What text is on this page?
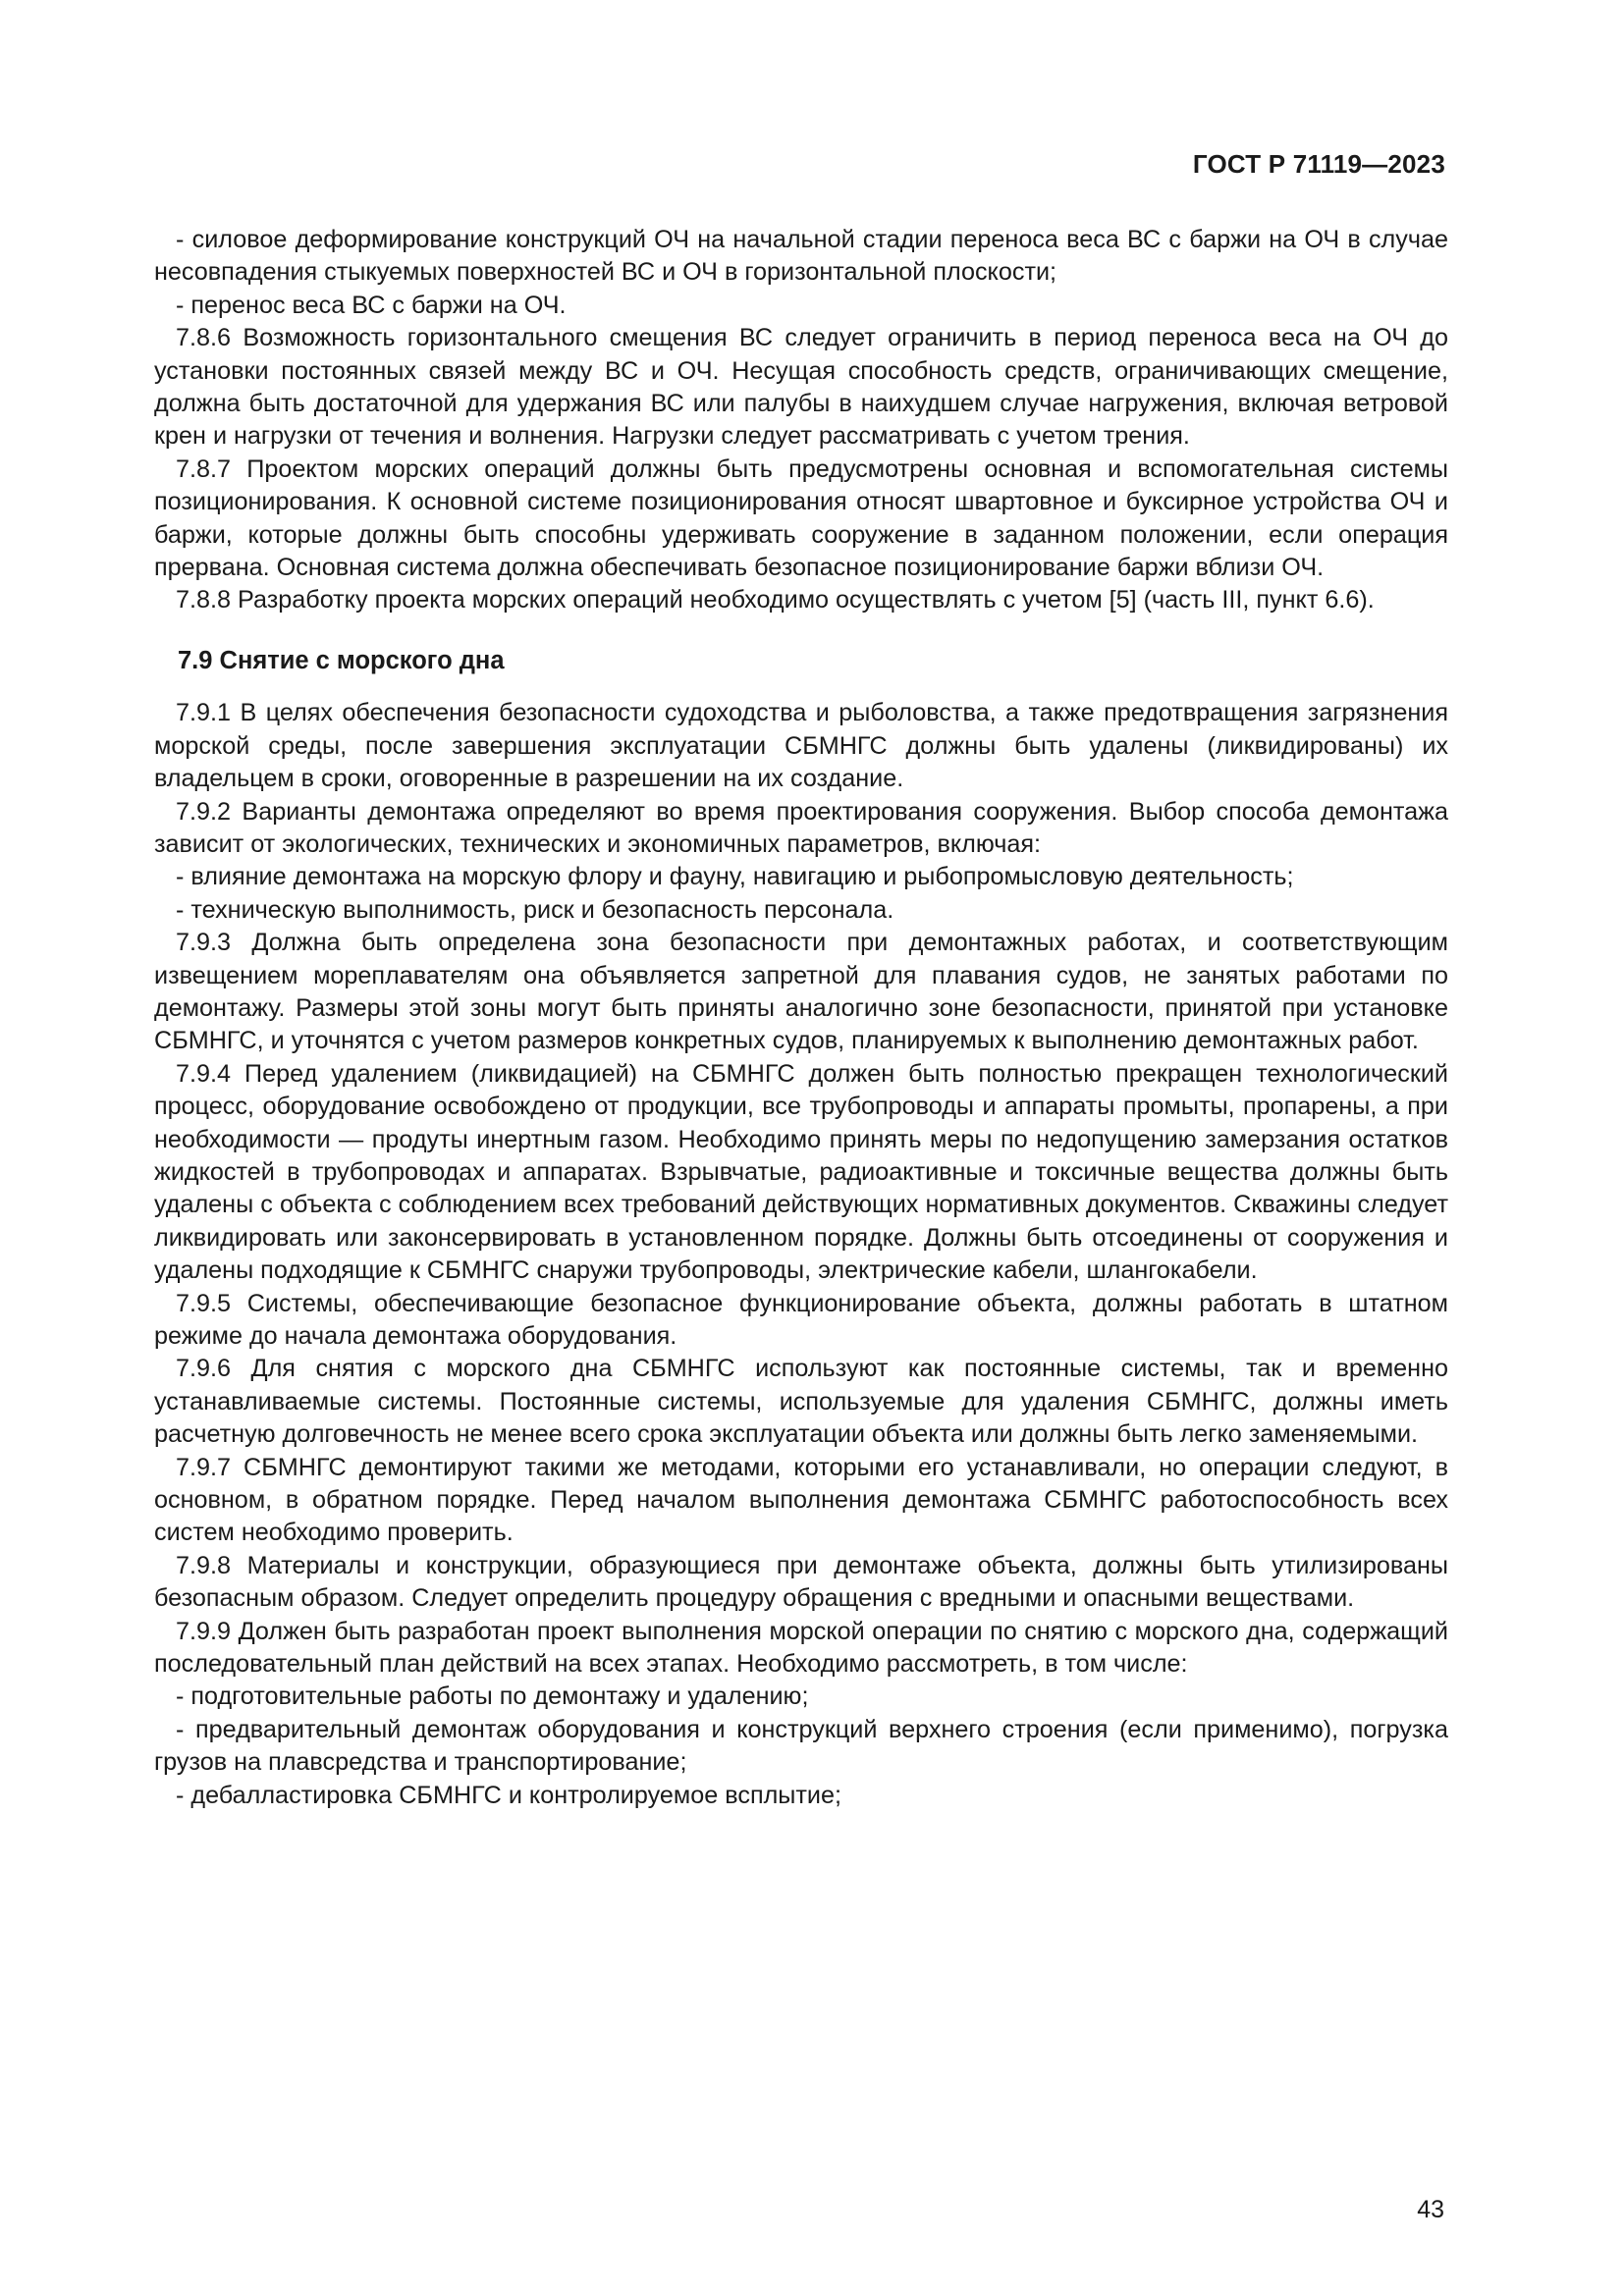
ГОСТ Р 71119—2023

- силовое деформирование конструкций ОЧ на начальной стадии переноса веса ВС с баржи на ОЧ в случае несовпадения стыкуемых поверхностей ВС и ОЧ в горизонтальной плоскости;

- перенос веса ВС с баржи на ОЧ.

7.8.6 Возможность горизонтального смещения ВС следует ограничить в период переноса веса на ОЧ до установки постоянных связей между ВС и ОЧ. Несущая способность средств, ограничивающих смещение, должна быть достаточной для удержания ВС или палубы в наихудшем случае нагружения, включая ветровой крен и нагрузки от течения и волнения. Нагрузки следует рассматривать с учетом трения.

7.8.7 Проектом морских операций должны быть предусмотрены основная и вспомогательная системы позиционирования. К основной системе позиционирования относят швартовное и буксирное устройства ОЧ и баржи, которые должны быть способны удерживать сооружение в заданном положении, если операция прервана. Основная система должна обеспечивать безопасное позиционирование баржи вблизи ОЧ.

7.8.8 Разработку проекта морских операций необходимо осуществлять с учетом [5] (часть III, пункт 6.6).

7.9 Снятие с морского дна

7.9.1 В целях обеспечения безопасности судоходства и рыболовства, а также предотвращения загрязнения морской среды, после завершения эксплуатации СБМНГС должны быть удалены (ликвидированы) их владельцем в сроки, оговоренные в разрешении на их создание.

7.9.2 Варианты демонтажа определяют во время проектирования сооружения. Выбор способа демонтажа зависит от экологических, технических и экономичных параметров, включая:

- влияние демонтажа на морскую флору и фауну, навигацию и рыбопромысловую деятельность;

- техническую выполнимость, риск и безопасность персонала.

7.9.3 Должна быть определена зона безопасности при демонтажных работах, и соответствующим извещением мореплавателям она объявляется запретной для плавания судов, не занятых работами по демонтажу. Размеры этой зоны могут быть приняты аналогично зоне безопасности, принятой при установке СБМНГС, и уточнятся с учетом размеров конкретных судов, планируемых к выполнению демонтажных работ.

7.9.4 Перед удалением (ликвидацией) на СБМНГС должен быть полностью прекращен технологический процесс, оборудование освобождено от продукции, все трубопроводы и аппараты промыты, пропарены, а при необходимости — продуты инертным газом. Необходимо принять меры по недопущению замерзания остатков жидкостей в трубопроводах и аппаратах. Взрывчатые, радиоактивные и токсичные вещества должны быть удалены с объекта с соблюдением всех требований действующих нормативных документов. Скважины следует ликвидировать или законсервировать в установленном порядке. Должны быть отсоединены от сооружения и удалены подходящие к СБМНГС снаружи трубопроводы, электрические кабели, шлангокабели.

7.9.5 Системы, обеспечивающие безопасное функционирование объекта, должны работать в штатном режиме до начала демонтажа оборудования.

7.9.6 Для снятия с морского дна СБМНГС используют как постоянные системы, так и временно устанавливаемые системы. Постоянные системы, используемые для удаления СБМНГС, должны иметь расчетную долговечность не менее всего срока эксплуатации объекта или должны быть легко заменяемыми.

7.9.7 СБМНГС демонтируют такими же методами, которыми его устанавливали, но операции следуют, в основном, в обратном порядке. Перед началом выполнения демонтажа СБМНГС работоспособность всех систем необходимо проверить.

7.9.8 Материалы и конструкции, образующиеся при демонтаже объекта, должны быть утилизированы безопасным образом. Следует определить процедуру обращения с вредными и опасными веществами.

7.9.9 Должен быть разработан проект выполнения морской операции по снятию с морского дна, содержащий последовательный план действий на всех этапах. Необходимо рассмотреть, в том числе:

- подготовительные работы по демонтажу и удалению;

- предварительный демонтаж оборудования и конструкций верхнего строения (если применимо), погрузка грузов на плавсредства и транспортирование;

- дебалластировка СБМНГС и контролируемое всплытие;

43
